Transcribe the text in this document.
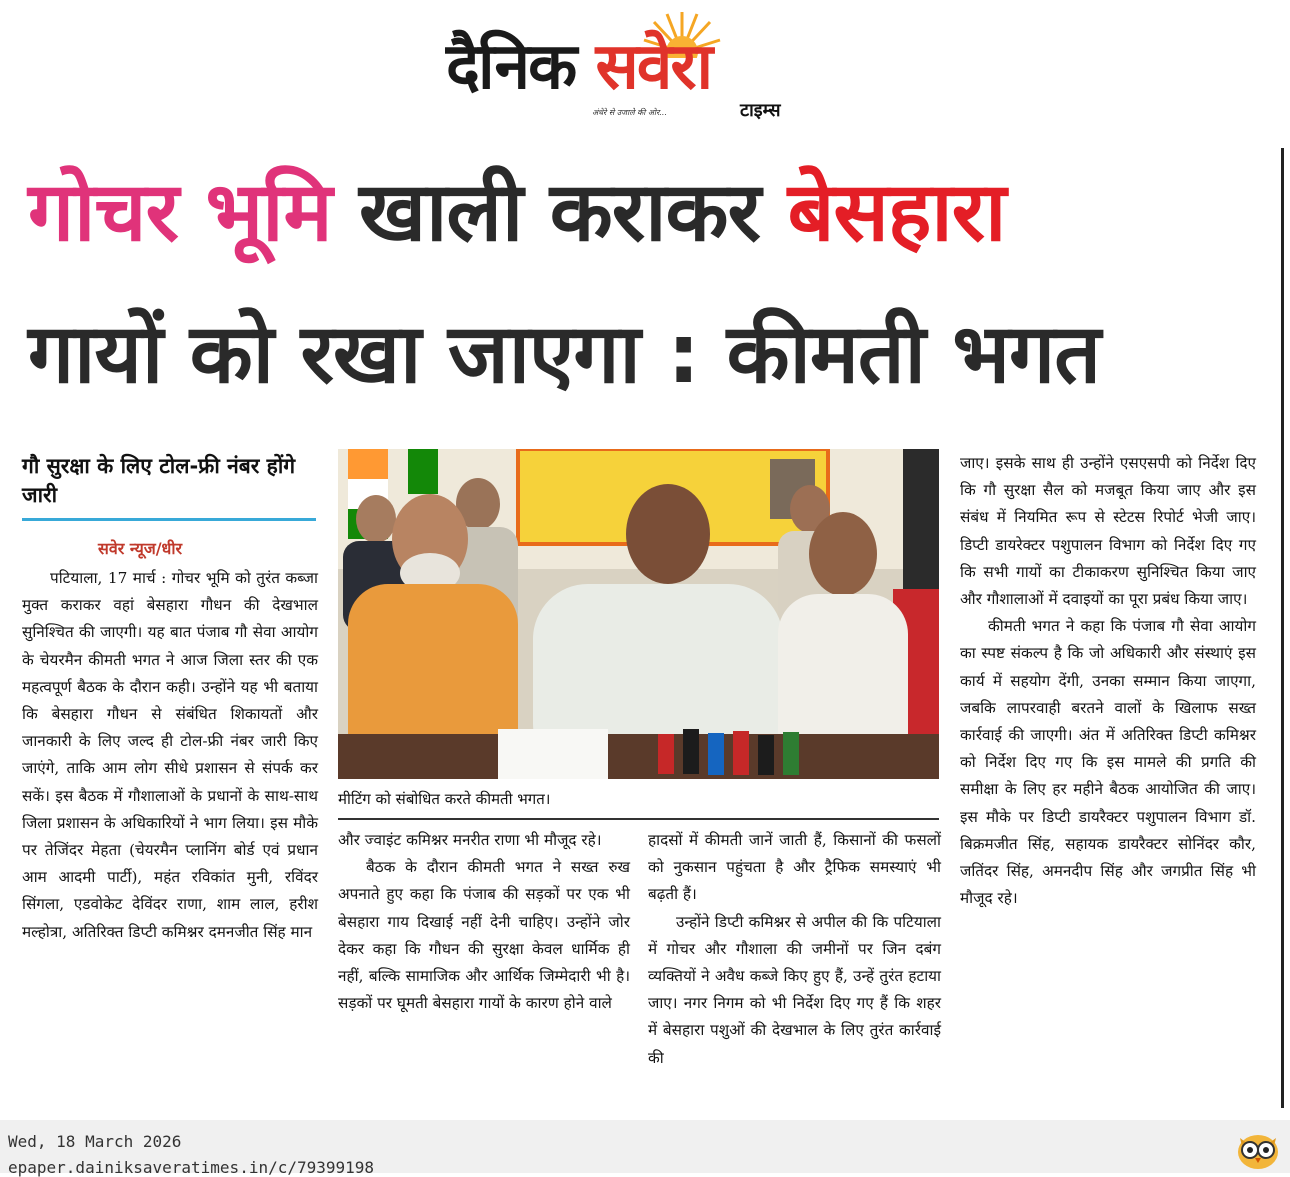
दैनिक सवेरा
अंधेरे से उजाले की ओर...	टाइम्स
गोचर भूमि खाली कराकर बेसहारा
गायों को रखा जाएगा : कीमती भगत
गौ सुरक्षा के लिए टोल-फ्री नंबर होंगे जारी
सवेर न्यूज/धीर

पटियाला, 17 मार्च : गोचर भूमि को तुरंत कब्जा मुक्त कराकर वहां बेसहारा गौधन की देखभाल सुनिश्चित की जाएगी। यह बात पंजाब गौ सेवा आयोग के चेयरमैन कीमती भगत ने आज जिला स्तर की एक महत्वपूर्ण बैठक के दौरान कही। उन्होंने यह भी बताया कि बेसहारा गौधन से संबंधित शिकायतों और जानकारी के लिए जल्द ही टोल-फ्री नंबर जारी किए जाएंगे, ताकि आम लोग सीधे प्रशासन से संपर्क कर सकें। इस बैठक में गौशालाओं के प्रधानों के साथ-साथ जिला प्रशासन के अधिकारियों ने भाग लिया। इस मौके पर तेजिंदर मेहता (चेयरमैन प्लानिंग बोर्ड एवं प्रधान आम आदमी पार्टी), महंत रविकांत मुनी, रविंदर सिंगला, एडवोकेट देविंदर राणा, शाम लाल, हरीश मल्होत्रा, अतिरिक्त डिप्टी कमिश्नर दमनजीत सिंह मान

मीटिंग को संबोधित करते कीमती भगत।

और ज्वाइंट कमिश्नर मनरीत राणा भी मौजूद रहे।

बैठक के दौरान कीमती भगत ने सख्त रुख अपनाते हुए कहा कि पंजाब की सड़कों पर एक भी बेसहारा गाय दिखाई नहीं देनी चाहिए। उन्होंने जोर देकर कहा कि गौधन की सुरक्षा केवल धार्मिक ही नहीं, बल्कि सामाजिक और आर्थिक जिम्मेदारी भी है। सड़कों पर घूमती बेसहारा गायों के कारण होने वाले

हादसों में कीमती जानें जाती हैं, किसानों की फसलों को नुकसान पहुंचता है और ट्रैफिक समस्याएं भी बढ़ती हैं।

उन्होंने डिप्टी कमिश्नर से अपील की कि पटियाला में गोचर और गौशाला की जमीनों पर जिन दबंग व्यक्तियों ने अवैध कब्जे किए हुए हैं, उन्हें तुरंत हटाया जाए। नगर निगम को भी निर्देश दिए गए हैं कि शहर में बेसहारा पशुओं की देखभाल के लिए तुरंत कार्रवाई की

जाए। इसके साथ ही उन्होंने एसएसपी को निर्देश दिए कि गौ सुरक्षा सैल को मजबूत किया जाए और इस संबंध में नियमित रूप से स्टेटस रिपोर्ट भेजी जाए। डिप्टी डायरेक्टर पशुपालन विभाग को निर्देश दिए गए कि सभी गायों का टीकाकरण सुनिश्चित किया जाए और गौशालाओं में दवाइयों का पूरा प्रबंध किया जाए।

कीमती भगत ने कहा कि पंजाब गौ सेवा आयोग का स्पष्ट संकल्प है कि जो अधिकारी और संस्थाएं इस कार्य में सहयोग देंगी, उनका सम्मान किया जाएगा, जबकि लापरवाही बरतने वालों के खिलाफ सख्त कार्रवाई की जाएगी। अंत में अतिरिक्त डिप्टी कमिश्नर को निर्देश दिए गए कि इस मामले की प्रगति की समीक्षा के लिए हर महीने बैठक आयोजित की जाए। इस मौके पर डिप्टी डायरैक्टर पशुपालन विभाग डॉ. बिक्रमजीत सिंह, सहायक डायरैक्टर सोनिंदर कौर, जतिंदर सिंह, अमनदीप सिंह और जगप्रीत सिंह भी मौजूद रहे।

Wed, 18 March 2026
epaper.dainiksaveratimes.in/c/79399198
